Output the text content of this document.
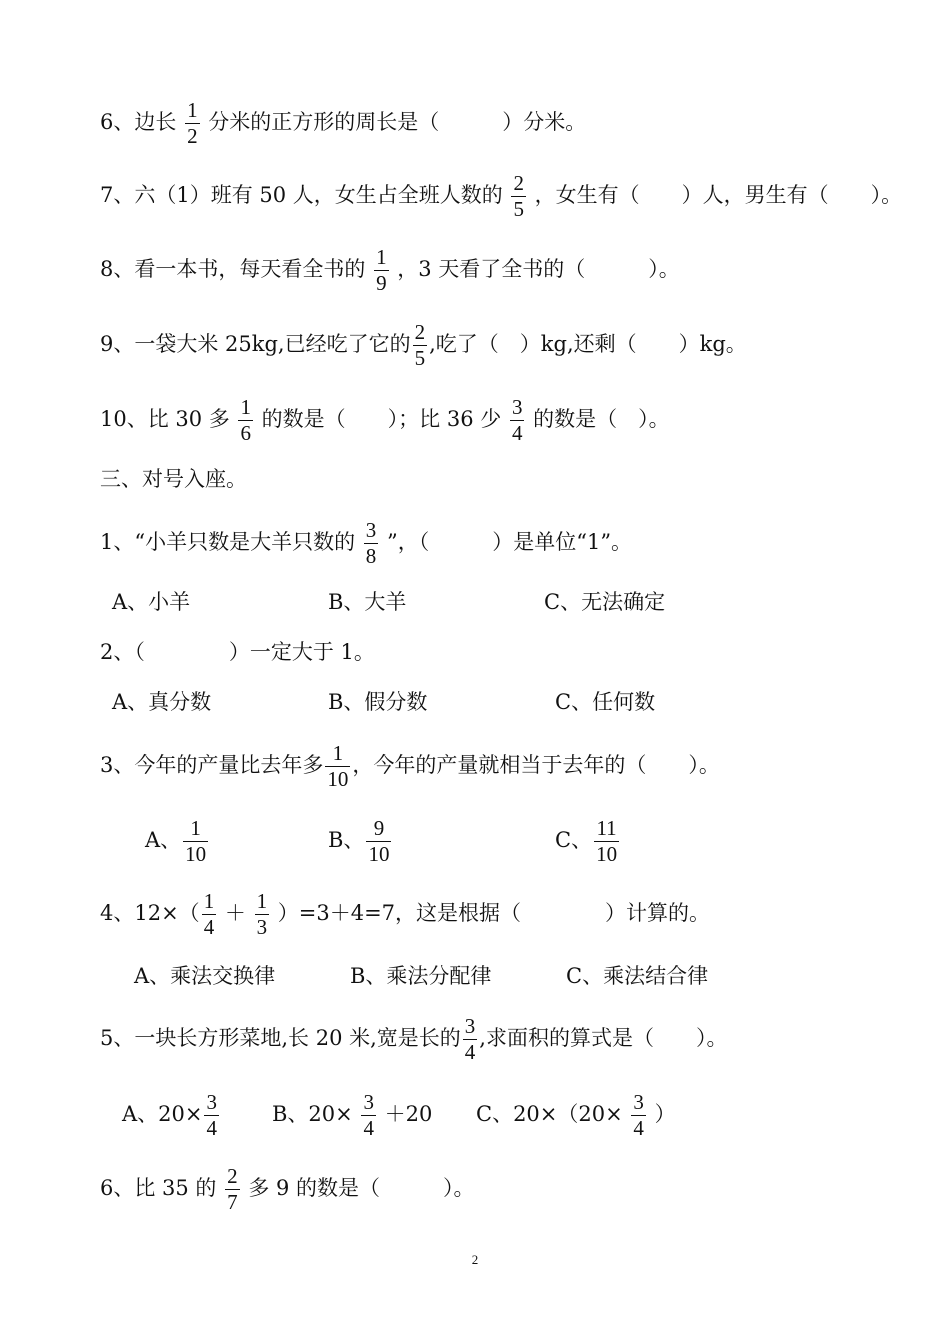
6、边长 $\frac{1}{2}$ 分米的正方形的周长是（　　　）分米。
7、六（1）班有 50 人，女生占全班人数的 $\frac{2}{5}$ ，女生有（　　）人，男生有（　　）。
8、看一本书，每天看全书的 $\frac{1}{9}$ ，3 天看了全书的（　　　）。
9、一袋大米 25kg,已经吃了它的 $\frac{2}{5}$ ,吃了（　）kg,还剩（　　）kg。
10、比 30 多 $\frac{1}{6}$ 的数是（　　）；比 36 少 $\frac{3}{4}$ 的数是（　）。
三、对号入座。
1、“小羊只数是大羊只数的 $\frac{3}{8}$ ”，（　　　）是单位“1”。
A、小羊	B、大羊	C、无法确定
2、（　　　　）一定大于 1。
A、真分数	B、假分数	C、任何数
3、今年的产量比去年多 $\frac{1}{10}$ ，今年的产量就相当于去年的（　　）。
A、 $\frac{1}{10}$	B、 $\frac{9}{10}$	C、 $\frac{11}{10}$
4、$12\times( \frac{1}{4} + \frac{1}{3} )=3+4=7$，这是根据（　　　　）计算的。
A、乘法交换律	B、乘法分配律	C、乘法结合律
5、一块长方形菜地,长 20 米,宽是长的 $\frac{3}{4}$ ,求面积的算式是（　　）。
A、$20\times \frac{3}{4}$	B、$20\times \frac{3}{4} +20$ C、$20\times(20\times \frac{3}{4}$ ）
6、比 35 的 $\frac{2}{7}$ 多 9 的数是（　　　）。
2
